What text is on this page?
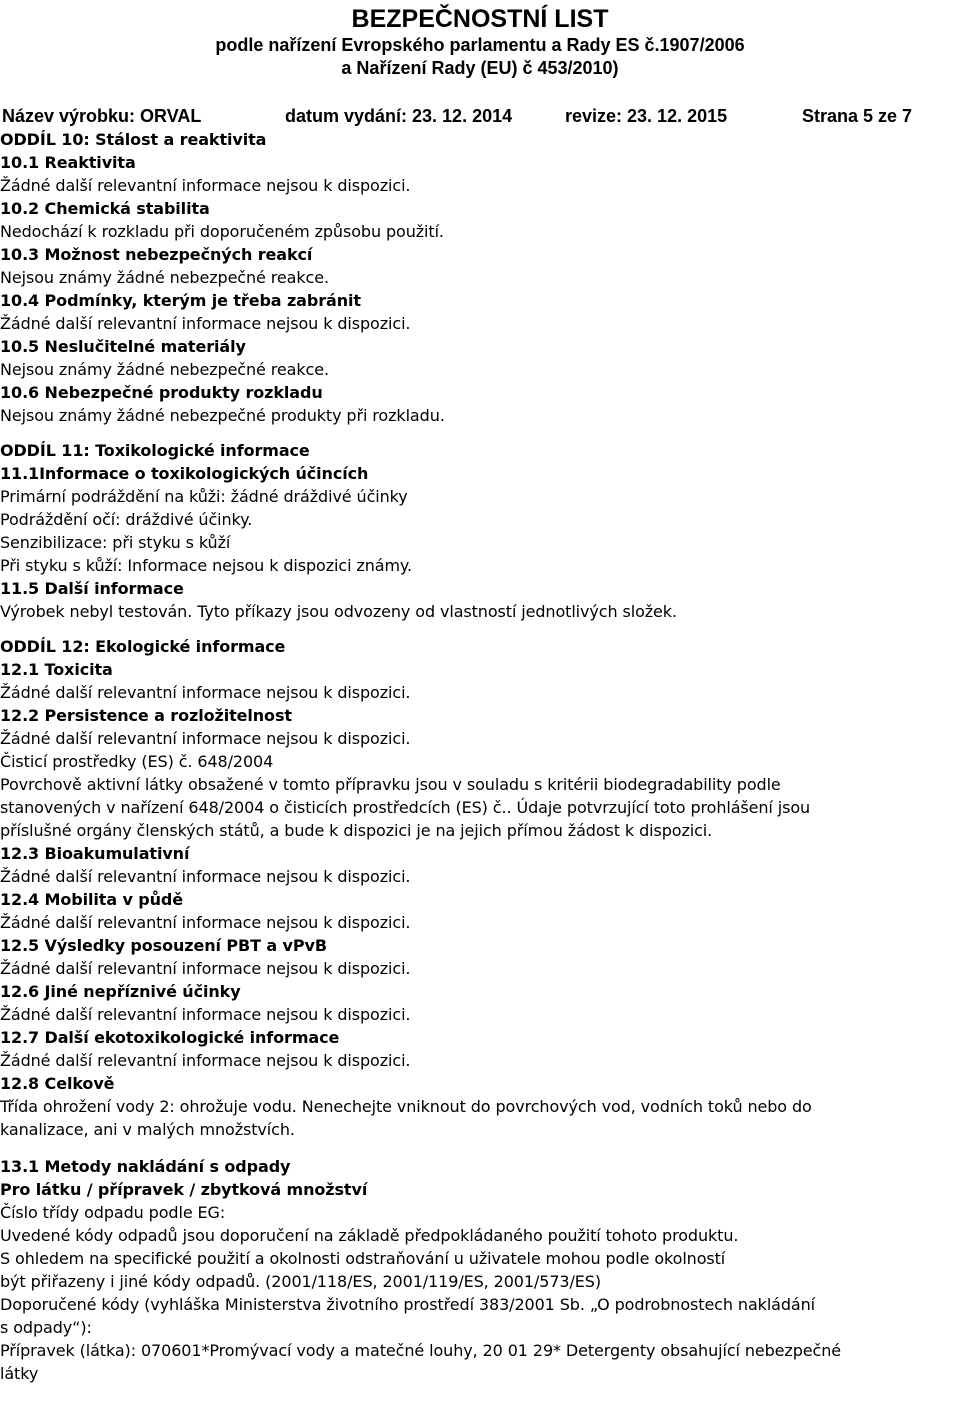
BEZPEČNOSTNÍ LIST
podle nařízení Evropského parlamentu a Rady ES č.1907/2006
a Nařízení Rady (EU) č 453/2010)
Název výrobku: ORVAL	datum vydání: 23. 12. 2014	revize: 23. 12. 2015	Strana 5 ze 7
ODDÍL 10: Stálost a reaktivita
10.1 Reaktivita
Žádné další relevantní informace nejsou k dispozici.
10.2 Chemická stabilita
Nedochází k rozkladu při doporučeném způsobu použití.
10.3 Možnost nebezpečných reakcí
Nejsou známy žádné nebezpečné reakce.
10.4 Podmínky, kterým je třeba zabránit
Žádné další relevantní informace nejsou k dispozici.
10.5 Neslučitelné materiály
Nejsou známy žádné nebezpečné reakce.
10.6 Nebezpečné produkty rozkladu
Nejsou známy žádné nebezpečné produkty při rozkladu.
ODDÍL 11: Toxikologické informace
11.1Informace o toxikologických účincích
Primární podráždění na kůži: žádné dráždivé účinky
Podráždění očí: dráždivé účinky.
Senzibilizace: při styku s kůží
Při styku s kůží: Informace nejsou k dispozici známy.
11.5 Další informace
Výrobek nebyl testován. Tyto příkazy jsou odvozeny od vlastností jednotlivých složek.
ODDÍL 12: Ekologické informace
12.1 Toxicita
Žádné další relevantní informace nejsou k dispozici.
12.2 Persistence a rozložitelnost
Žádné další relevantní informace nejsou k dispozici.
Čisticí prostředky (ES) č. 648/2004
Povrchově aktivní látky obsažené v tomto přípravku jsou v souladu s kritérii biodegradability podle
stanovených v nařízení 648/2004 o čisticích prostředcích (ES) č.. Údaje potvrzující toto prohlášení jsou
příslušné orgány členských států, a bude k dispozici je na jejich přímou žádost k dispozici.
12.3 Bioakumulativní
Žádné další relevantní informace nejsou k dispozici.
12.4 Mobilita v půdě
Žádné další relevantní informace nejsou k dispozici.
12.5 Výsledky posouzení PBT a vPvB
Žádné další relevantní informace nejsou k dispozici.
12.6 Jiné nepříznivé účinky
Žádné další relevantní informace nejsou k dispozici.
12.7 Další ekotoxikologické informace
Žádné další relevantní informace nejsou k dispozici.
12.8 Celkově
Třída ohrožení vody 2: ohrožuje vodu. Nenechejte vniknout do povrchových vod, vodních toků nebo do
kanalizace, ani v malých množstvích.
13.1 Metody nakládání s odpady
Pro látku / přípravek / zbytková množství
Číslo třídy odpadu podle EG:
Uvedené kódy odpadů jsou doporučení na základě předpokládaného použití tohoto produktu.
S ohledem na specifické použití a okolnosti odstraňování u uživatele mohou podle okolností
být přiřazeny i jiné kódy odpadů. (2001/118/ES, 2001/119/ES, 2001/573/ES)
Doporučené kódy (vyhláška Ministerstva životního prostředí 383/2001 Sb. „O podrobnostech nakládání
s odpady“):
Přípravek (látka): 070601*Promývací vody a matečné louhy, 20 01 29* Detergenty obsahující nebezpečné
látky
